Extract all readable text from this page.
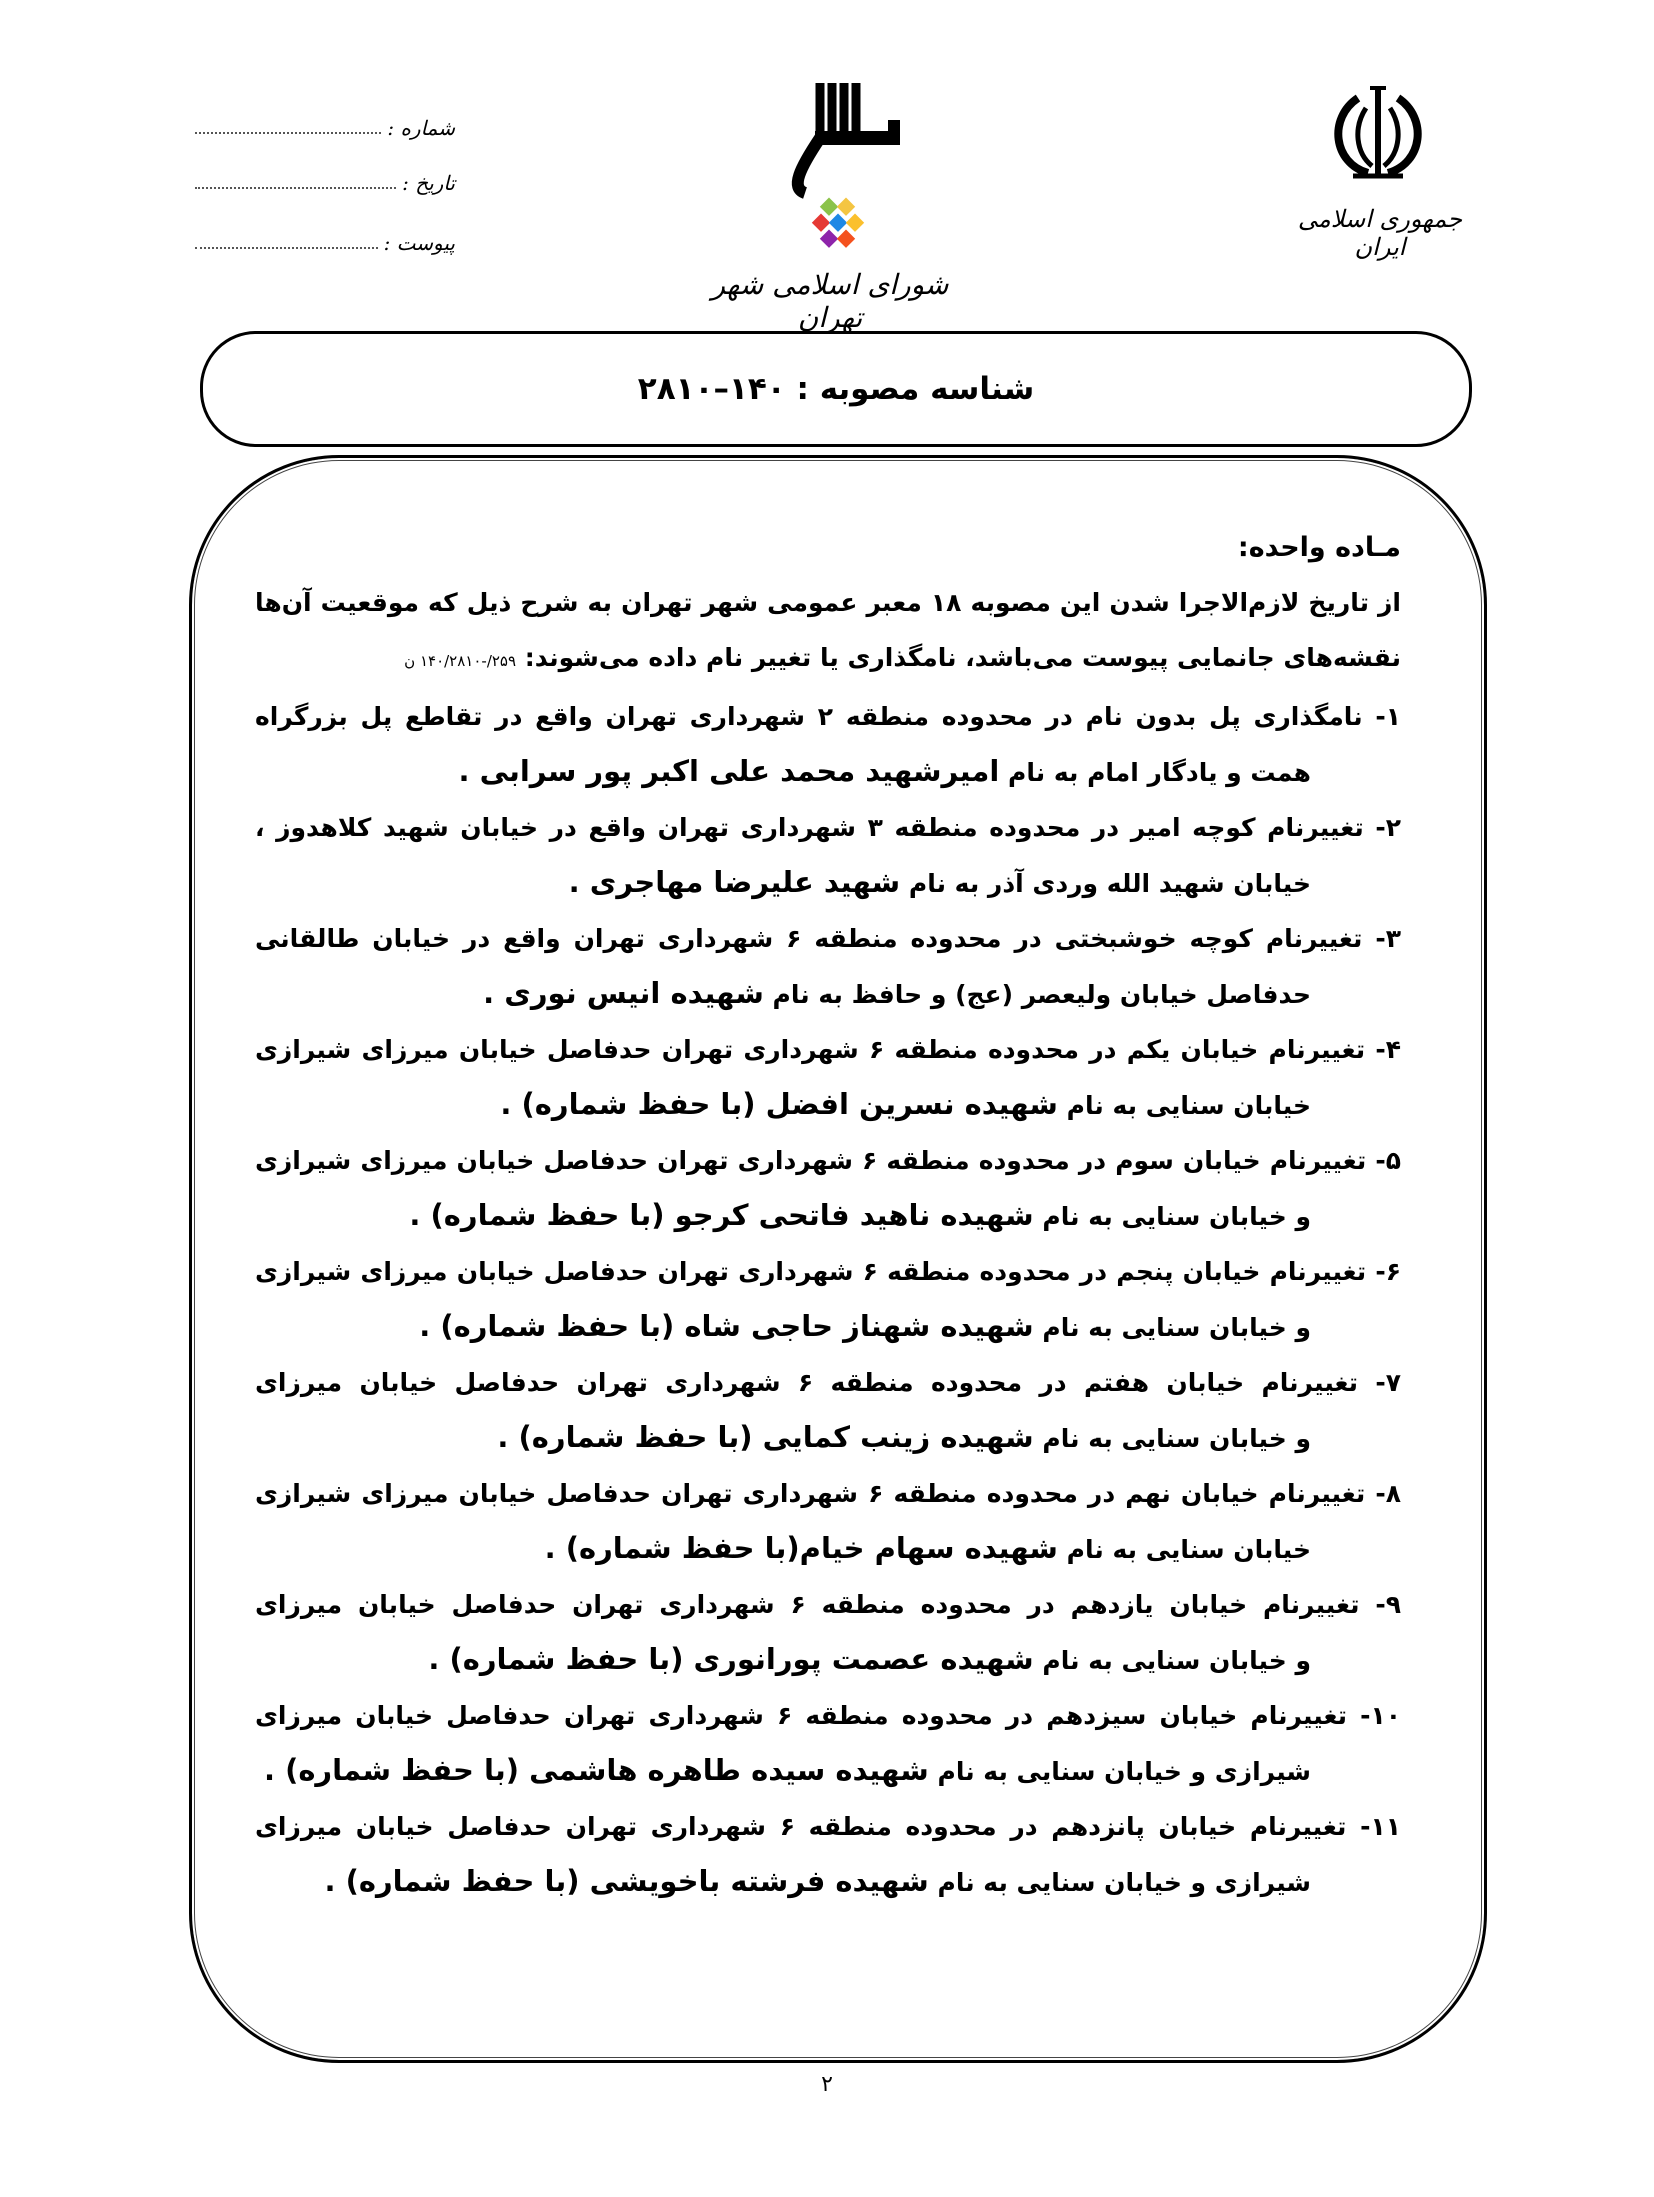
جمهوری اسلامی ایران
شورای اسلامی شهر تهران
شماره :
تاریخ :
پیوست :
شناسه مصوبه : ۱۴۰–۲۸۱۰
مـاده واحده:
از تاریخ لازم‌الاجرا شدن این مصوبه ۱۸ معبر عمومی شهر تهران به شرح ذیل که موقعیت آن‌ها
نقشه‌های جانمایی پیوست می‌باشد، نامگذاری یا تغییر نام داده می‌شوند: ۲۵۹/-۱۴۰/۲۸۱۰ ن
۱- نامگذاری پل بدون نام در محدوده منطقه ۲ شهرداری تهران واقع در تقاطع پل بزرگراه
همت و یادگار امام به نام امیرشهید محمد علی اکبر پور سرابی .
۲- تغییرنام کوچه امیر در محدوده منطقه ۳ شهرداری تهران واقع در خیابان شهید کلاهدوز ،
خیابان شهید الله وردی آذر به نام شهید علیرضا مهاجری .
۳- تغییرنام کوچه خوشبختی در محدوده منطقه ۶ شهرداری تهران واقع در خیابان طالقانی
حدفاصل خیابان ولیعصر (عج) و حافظ به نام شهیده انیس نوری .
۴- تغییرنام خیابان یکم در محدوده منطقه ۶ شهرداری تهران حدفاصل خیابان میرزای شیرازی
خیابان سنایی به نام شهیده نسرین افضل (با حفظ شماره) .
۵- تغییرنام خیابان سوم در محدوده منطقه ۶ شهرداری تهران حدفاصل خیابان میرزای شیرازی
و خیابان سنایی به نام شهیده ناهید فاتحی کرجو (با حفظ شماره) .
۶- تغییرنام خیابان پنجم در محدوده منطقه ۶ شهرداری تهران حدفاصل خیابان میرزای شیرازی
و خیابان سنایی به نام شهیده شهناز حاجی شاه (با حفظ شماره) .
۷- تغییرنام خیابان هفتم در محدوده منطقه ۶ شهرداری تهران حدفاصل خیابان میرزای
و خیابان سنایی به نام شهیده زینب کمایی (با حفظ شماره) .
۸- تغییرنام خیابان نهم در محدوده منطقه ۶ شهرداری تهران حدفاصل خیابان میرزای شیرازی
خیابان سنایی به نام شهیده سهام خیام(با حفظ شماره) .
۹- تغییرنام خیابان یازدهم در محدوده منطقه ۶ شهرداری تهران حدفاصل خیابان میرزای
و خیابان سنایی به نام شهیده عصمت پورانوری (با حفظ شماره) .
۱۰- تغییرنام خیابان سیزدهم در محدوده منطقه ۶ شهرداری تهران حدفاصل خیابان میرزای
شیرازی و خیابان سنایی به نام شهیده سیده طاهره هاشمی (با حفظ شماره) .
۱۱- تغییرنام خیابان پانزدهم در محدوده منطقه ۶ شهرداری تهران حدفاصل خیابان میرزای
شیرازی و خیابان سنایی به نام شهیده فرشته باخویشی (با حفظ شماره) .
۲
